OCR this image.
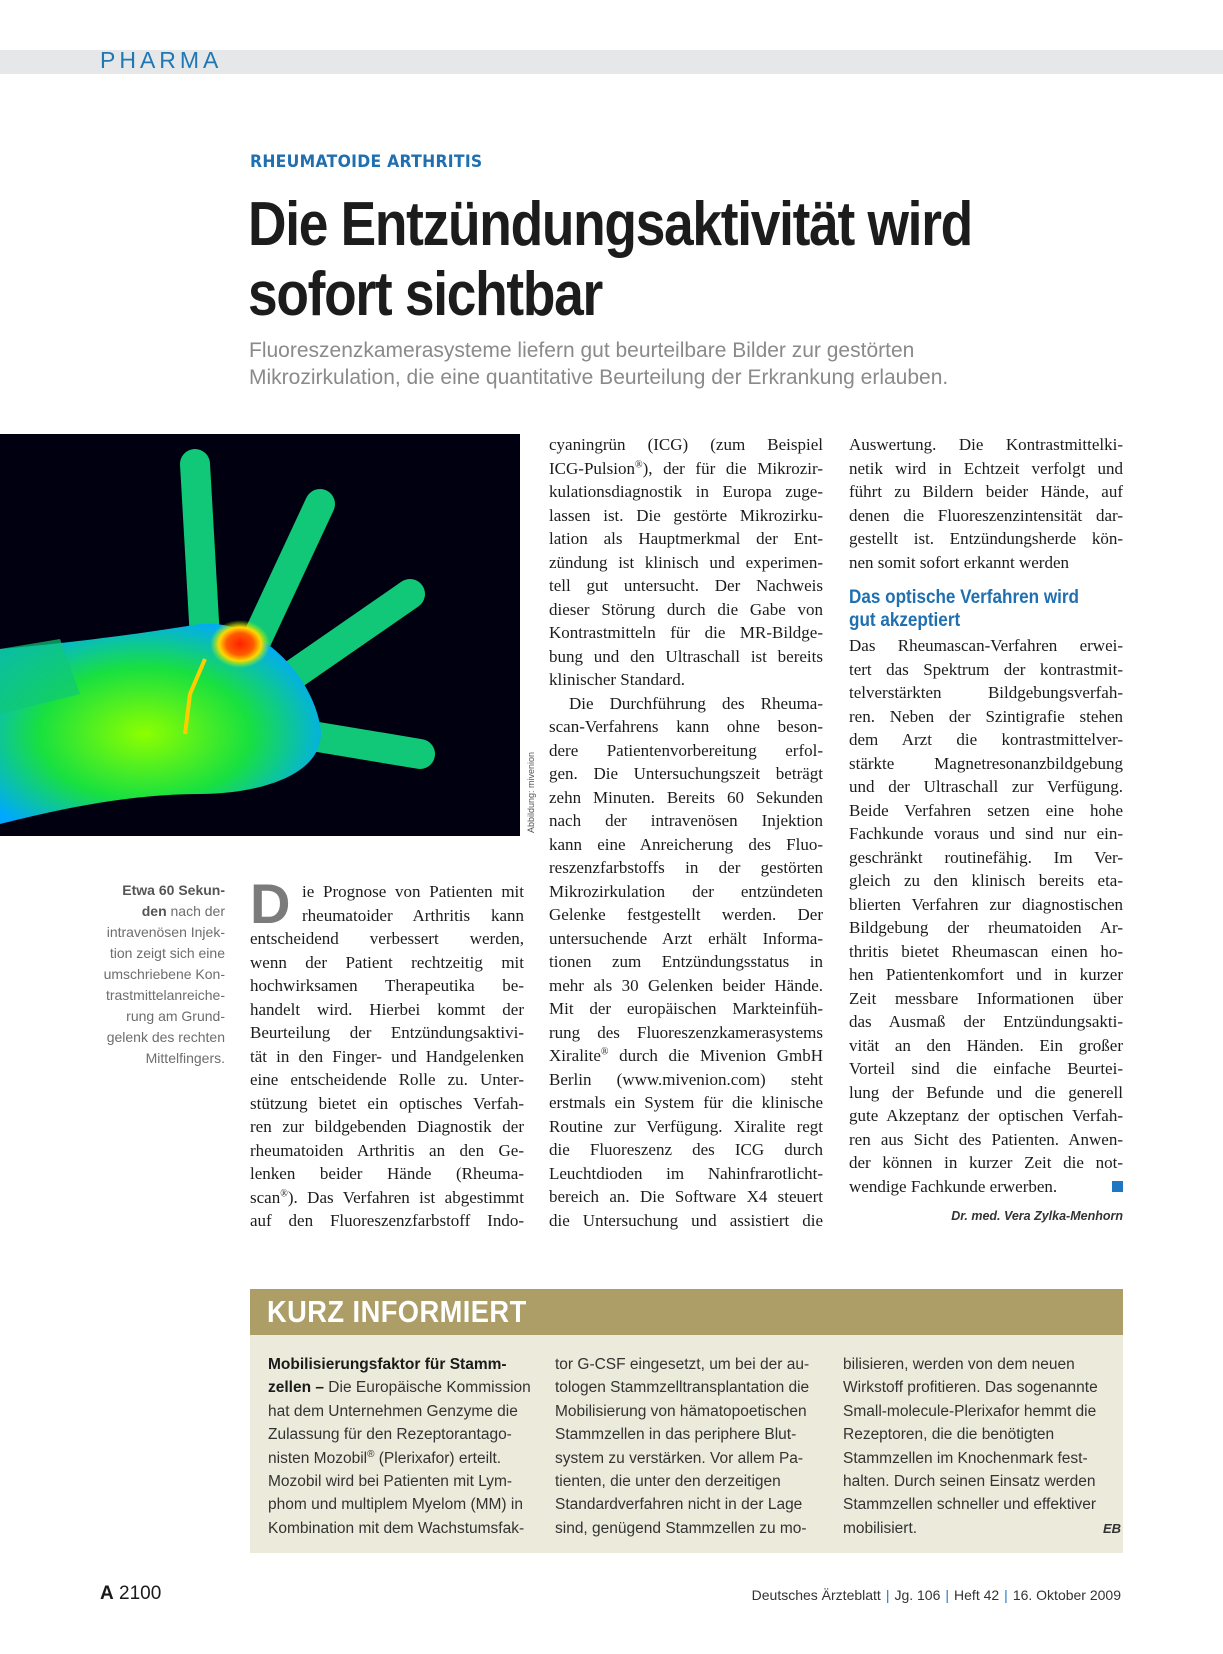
PHARMA
RHEUMATOIDE ARTHRITIS
Die Entzündungsaktivität wird
sofort sichtbar
Fluoreszenzkamerasysteme liefern gut beurteilbare Bilder zur gestörten
Mikrozirkulation, die eine quantitative Beurteilung der Erkrankung erlauben.
Abbildung: mivenion
Etwa 60 Sekun-
den nach der
intravenösen Injek-
tion zeigt sich eine
umschriebene Kon-
trastmittelanreiche-
rung am Grund-
gelenk des rechten
Mittelfingers.
D ie Prognose von Patienten mit
rheumatoider Arthritis kann
entscheidend verbessert werden,
wenn der Patient rechtzeitig mit
hochwirksamen Therapeutika be-
handelt wird. Hierbei kommt der
Beurteilung der Entzündungsaktivi-
tät in den Finger- und Handgelenken
eine entscheidende Rolle zu. Unter-
stützung bietet ein optisches Verfah-
ren zur bildgebenden Diagnostik der
rheumatoiden Arthritis an den Ge-
lenken beider Hände (Rheuma-
scan®). Das Verfahren ist abgestimmt
auf den Fluoreszenzfarbstoff Indo-
cyaningrün (ICG) (zum Beispiel
ICG-Pulsion®), der für die Mikrozir-
kulationsdiagnostik in Europa zuge-
lassen ist. Die gestörte Mikrozirku-
lation als Hauptmerkmal der Ent-
zündung ist klinisch und experimen-
tell gut untersucht. Der Nachweis
dieser Störung durch die Gabe von
Kontrastmitteln für die MR-Bildge-
bung und den Ultraschall ist bereits
klinischer Standard.
Die Durchführung des Rheuma-
scan-Verfahrens kann ohne beson-
dere Patientenvorbereitung erfol-
gen. Die Untersuchungszeit beträgt
zehn Minuten. Bereits 60 Sekunden
nach der intravenösen Injektion
kann eine Anreicherung des Fluo-
reszenzfarbstoffs in der gestörten
Mikrozirkulation der entzündeten
Gelenke festgestellt werden. Der
untersuchende Arzt erhält Informa-
tionen zum Entzündungsstatus in
mehr als 30 Gelenken beider Hände.
Mit der europäischen Markteinfüh-
rung des Fluoreszenzkamerasystems
Xiralite® durch die Mivenion GmbH
Berlin (www.mivenion.com) steht
erstmals ein System für die klinische
Routine zur Verfügung. Xiralite regt
die Fluoreszenz des ICG durch
Leuchtdioden im Nahinfrarotlicht-
bereich an. Die Software X4 steuert
die Untersuchung und assistiert die
Auswertung. Die Kontrastmittelki-
netik wird in Echtzeit verfolgt und
führt zu Bildern beider Hände, auf
denen die Fluoreszenzintensität dar-
gestellt ist. Entzündungsherde kön-
nen somit sofort erkannt werden
Das optische Verfahren wird
gut akzeptiert
Das Rheumascan-Verfahren erwei-
tert das Spektrum der kontrastmit-
telverstärkten Bildgebungsverfah-
ren. Neben der Szintigrafie stehen
dem Arzt die kontrastmittelver-
stärkte Magnetresonanzbildgebung
und der Ultraschall zur Verfügung.
Beide Verfahren setzen eine hohe
Fachkunde voraus und sind nur ein-
geschränkt routinefähig. Im Ver-
gleich zu den klinisch bereits eta-
blierten Verfahren zur diagnostischen
Bildgebung der rheumatoiden Ar-
thritis bietet Rheumascan einen ho-
hen Patientenkomfort und in kurzer
Zeit messbare Informationen über
das Ausmaß der Entzündungsakti-
vität an den Händen. Ein großer
Vorteil sind die einfache Beurtei-
lung der Befunde und die generell
gute Akzeptanz der optischen Verfah-
ren aus Sicht des Patienten. Anwen-
der können in kurzer Zeit die not-
wendige Fachkunde erwerben.
Dr. med. Vera Zylka-Menhorn
KURZ INFORMIERT
Mobilisierungsfaktor für Stamm-
zellen – Die Europäische Kommission
hat dem Unternehmen Genzyme die
Zulassung für den Rezeptorantago-
nisten Mozobil® (Plerixafor) erteilt.
Mozobil wird bei Patienten mit Lym-
phom und multiplem Myelom (MM) in
Kombination mit dem Wachstumsfak-
tor G-CSF eingesetzt, um bei der au-
tologen Stammzelltransplantation die
Mobilisierung von hämatopoetischen
Stammzellen in das periphere Blut-
system zu verstärken. Vor allem Pa-
tienten, die unter den derzeitigen
Standardverfahren nicht in der Lage
sind, genügend Stammzellen zu mo-
bilisieren, werden von dem neuen
Wirkstoff profitieren. Das sogenannte
Small-molecule-Plerixafor hemmt die
Rezeptoren, die die benötigten
Stammzellen im Knochenmark fest-
halten. Durch seinen Einsatz werden
Stammzellen schneller und effektiver
mobilisiert.	EB
A 2100	Deutsches Ärzteblatt | Jg. 106 | Heft 42 | 16. Oktober 2009
